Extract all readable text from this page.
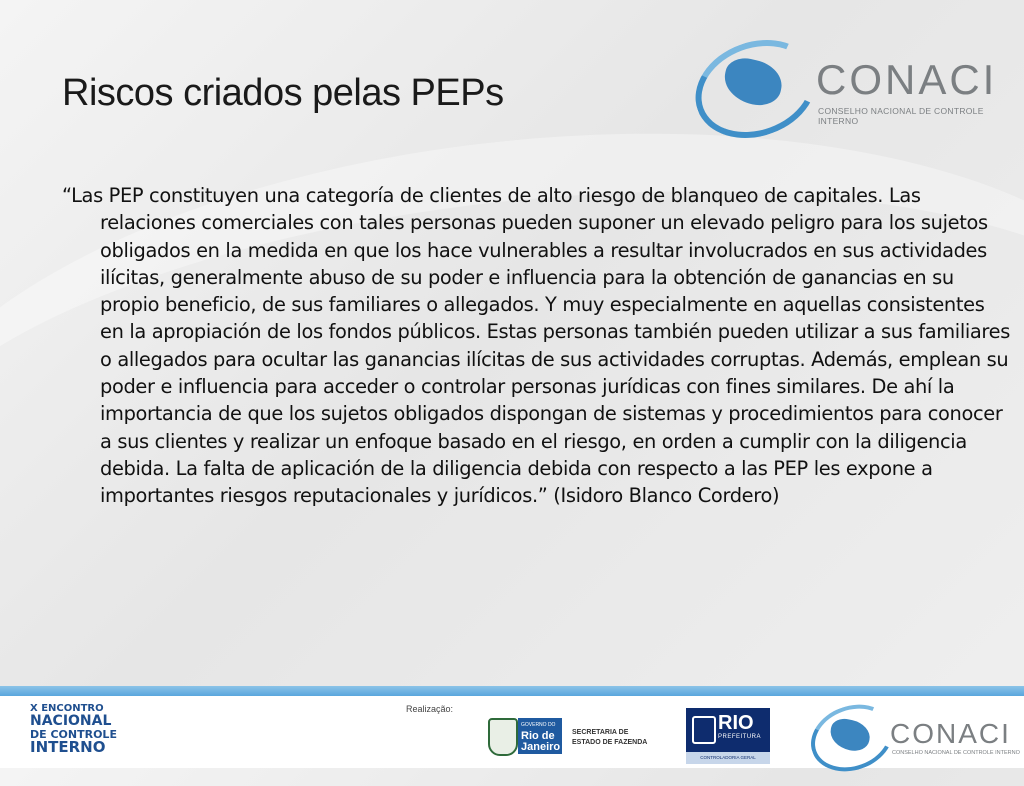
Riscos criados pelas PEPs	CONACI
CONSELHO NACIONAL DE CONTROLE INTERNO

“Las PEP constituyen una categoría de clientes de alto riesgo de blanqueo de capitales. Las relaciones comerciales con tales personas pueden suponer un elevado peligro para los sujetos obligados en la medida en que los hace vulnerables a resultar involucrados en sus actividades ilícitas, generalmente abuso de su poder e influencia para la obtención de ganancias en su propio beneficio, de sus familiares o allegados. Y muy especialmente en aquellas consistentes en la apropiación de los fondos públicos. Estas personas también pueden utilizar a sus familiares o allegados para ocultar las ganancias ilícitas de sus actividades corruptas. Además, emplean su poder e influencia para acceder o controlar personas jurídicas con fines similares. De ahí la importancia de que los sujetos obligados dispongan de sistemas y procedimientos para conocer a sus clientes y realizar un enfoque basado en el riesgo, en orden a cumplir con la diligencia debida. La falta de aplicación de la diligencia debida con respecto a las PEP les expone a importantes riesgos reputacionales y jurídicos.” (Isidoro Blanco Cordero)

X ENCONTRO
NACIONAL
DE CONTROLE
INTERNO
Realização:
GOVERNO DO
Rio de
Janeiro
SECRETARIA DE
ESTADO DE FAZENDA
RIO
PREFEITURA
CONTROLADORIA GERAL
CONACI
CONSELHO NACIONAL DE CONTROLE INTERNO
